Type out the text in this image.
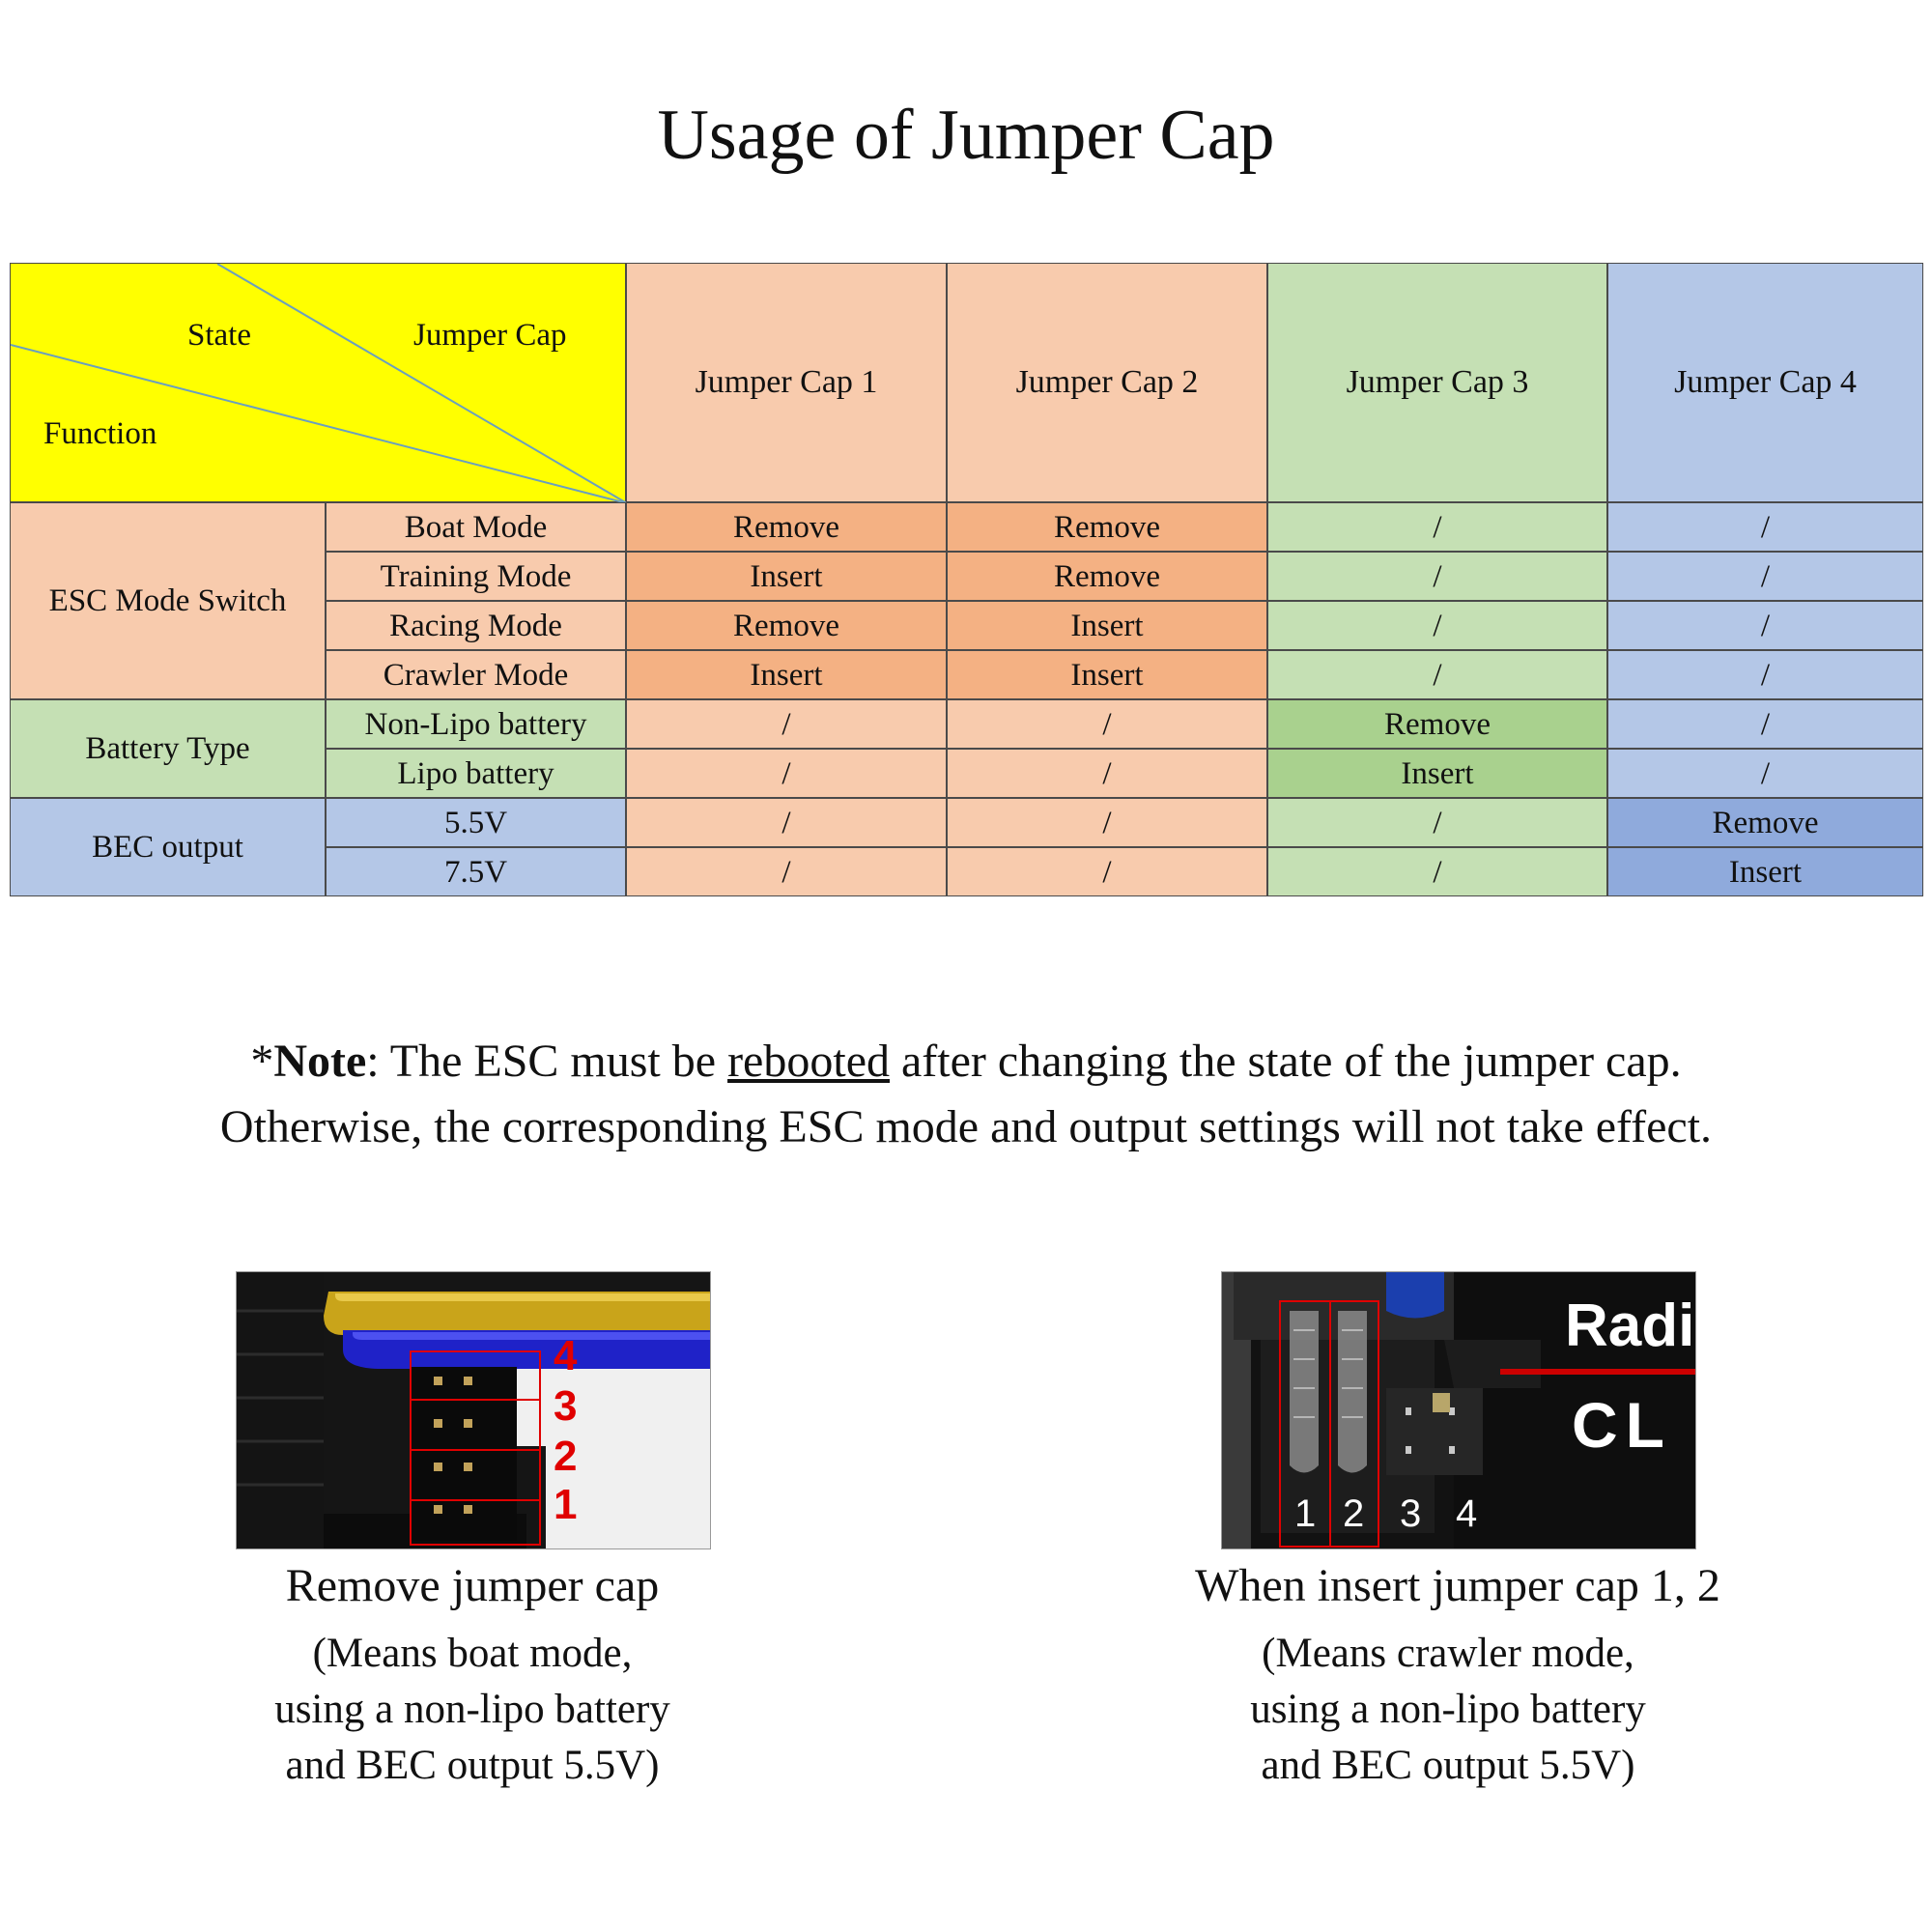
Usage of Jumper Cap
State	Jumper Cap
Function
Jumper Cap 1	Jumper Cap 2	Jumper Cap 3	Jumper Cap 4
ESC Mode Switch
Boat Mode	Remove	Remove	/	/
Training Mode	Insert	Remove	/	/
Racing Mode	Remove	Insert	/	/
Crawler Mode	Insert	Insert	/	/
Battery Type
Non-Lipo battery	/	/	Remove	/
Lipo battery	/	/	Insert	/
BEC output
5.5V	/	/	/	Remove
7.5V	/	/	/	Insert
*Note: The ESC must be rebooted after changing the state of the jumper cap.
Otherwise, the corresponding ESC mode and output settings will not take effect.
4
3
2
1
Remove jumper cap
(Means boat mode,
using a non-lipo battery
and BEC output 5.5V)
Radi
CL
1 2 3 4
When insert jumper cap 1, 2
(Means crawler mode,
using a non-lipo battery
and BEC output 5.5V)
